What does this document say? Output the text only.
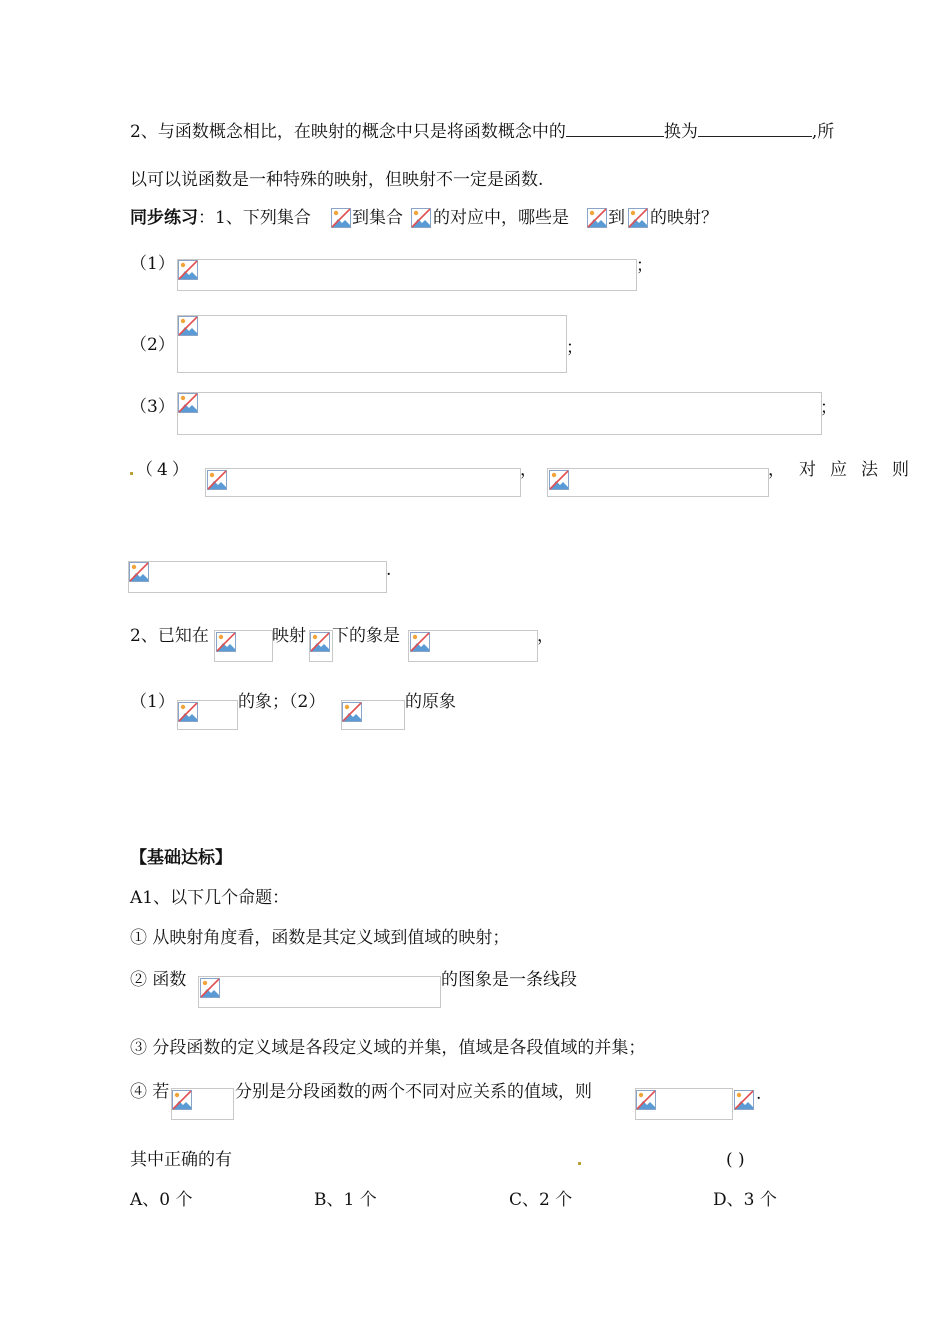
2、与函数概念相比，在映射的概念中只是将函数概念中的	换为	,所
以可以说函数是一种特殊的映射，但映射不一定是函数.
同步练习：1、下列集合 到集合 的对应中，哪些是 到 的映射？
（1）	；
（2）	；
（3）	；
（4）	，	，对应法则
.
2、已知在	映射 下的象是	，
（1）	的象；（2）	的原象
【基础达标】
A1、以下几个命题：
① 从映射角度看，函数是其定义域到值域的映射；
② 函数	的图象是一条线段
③ 分段函数的定义域是各段定义域的并集，值域是各段值域的并集；
④ 若	分别是分段函数的两个不同对应关系的值域，则	.
其中正确的有	( )
A、0 个	B、1 个	C、2 个	D、3 个
